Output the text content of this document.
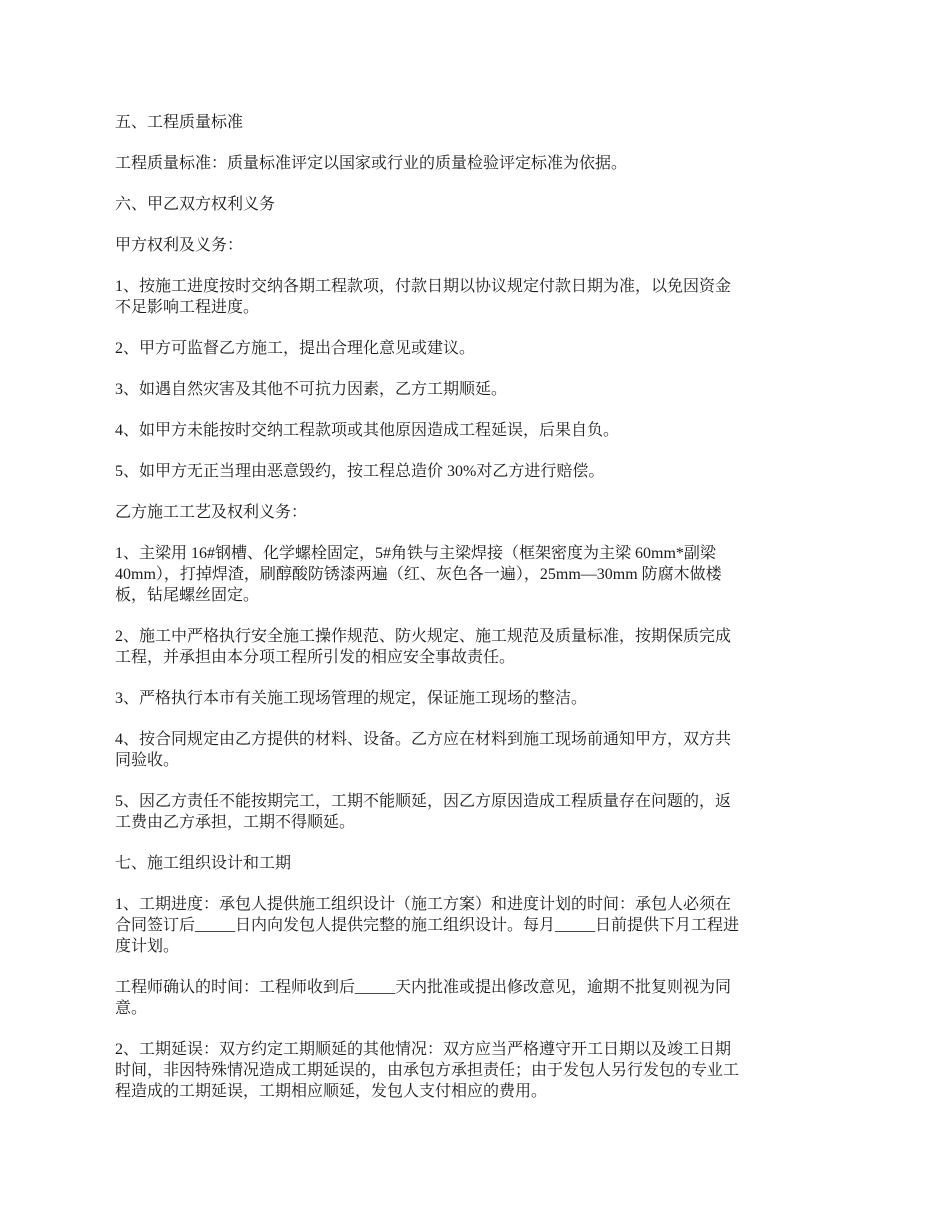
五、工程质量标准

工程质量标准：质量标准评定以国家或行业的质量检验评定标准为依据。

六、甲乙双方权利义务

甲方权利及义务：

1、按施工进度按时交纳各期工程款项，付款日期以协议规定付款日期为准，以免因资金
不足影响工程进度。

2、甲方可监督乙方施工，提出合理化意见或建议。

3、如遇自然灾害及其他不可抗力因素，乙方工期顺延。

4、如甲方未能按时交纳工程款项或其他原因造成工程延误，后果自负。

5、如甲方无正当理由恶意毁约，按工程总造价 30%对乙方进行赔偿。

乙方施工工艺及权利义务：

1、主梁用 16#钢槽、化学螺栓固定，5#角铁与主梁焊接（框架密度为主梁 60mm*副梁
40mm），打掉焊渣，刷醇酸防锈漆两遍（红、灰色各一遍），25mm—30mm 防腐木做楼
板，钻尾螺丝固定。

2、施工中严格执行安全施工操作规范、防火规定、施工规范及质量标准，按期保质完成
工程，并承担由本分项工程所引发的相应安全事故责任。

3、严格执行本市有关施工现场管理的规定，保证施工现场的整洁。

4、按合同规定由乙方提供的材料、设备。乙方应在材料到施工现场前通知甲方，双方共
同验收。

5、因乙方责任不能按期完工，工期不能顺延，因乙方原因造成工程质量存在问题的，返
工费由乙方承担，工期不得顺延。

七、施工组织设计和工期

1、工期进度：承包人提供施工组织设计（施工方案）和进度计划的时间：承包人必须在
合同签订后_____日内向发包人提供完整的施工组织设计。每月_____日前提供下月工程进
度计划。

工程师确认的时间：工程师收到后_____天内批准或提出修改意见，逾期不批复则视为同
意。

2、工期延误：双方约定工期顺延的其他情况：双方应当严格遵守开工日期以及竣工日期
时间，非因特殊情况造成工期延误的，由承包方承担责任；由于发包人另行发包的专业工
程造成的工期延误，工期相应顺延，发包人支付相应的费用。
